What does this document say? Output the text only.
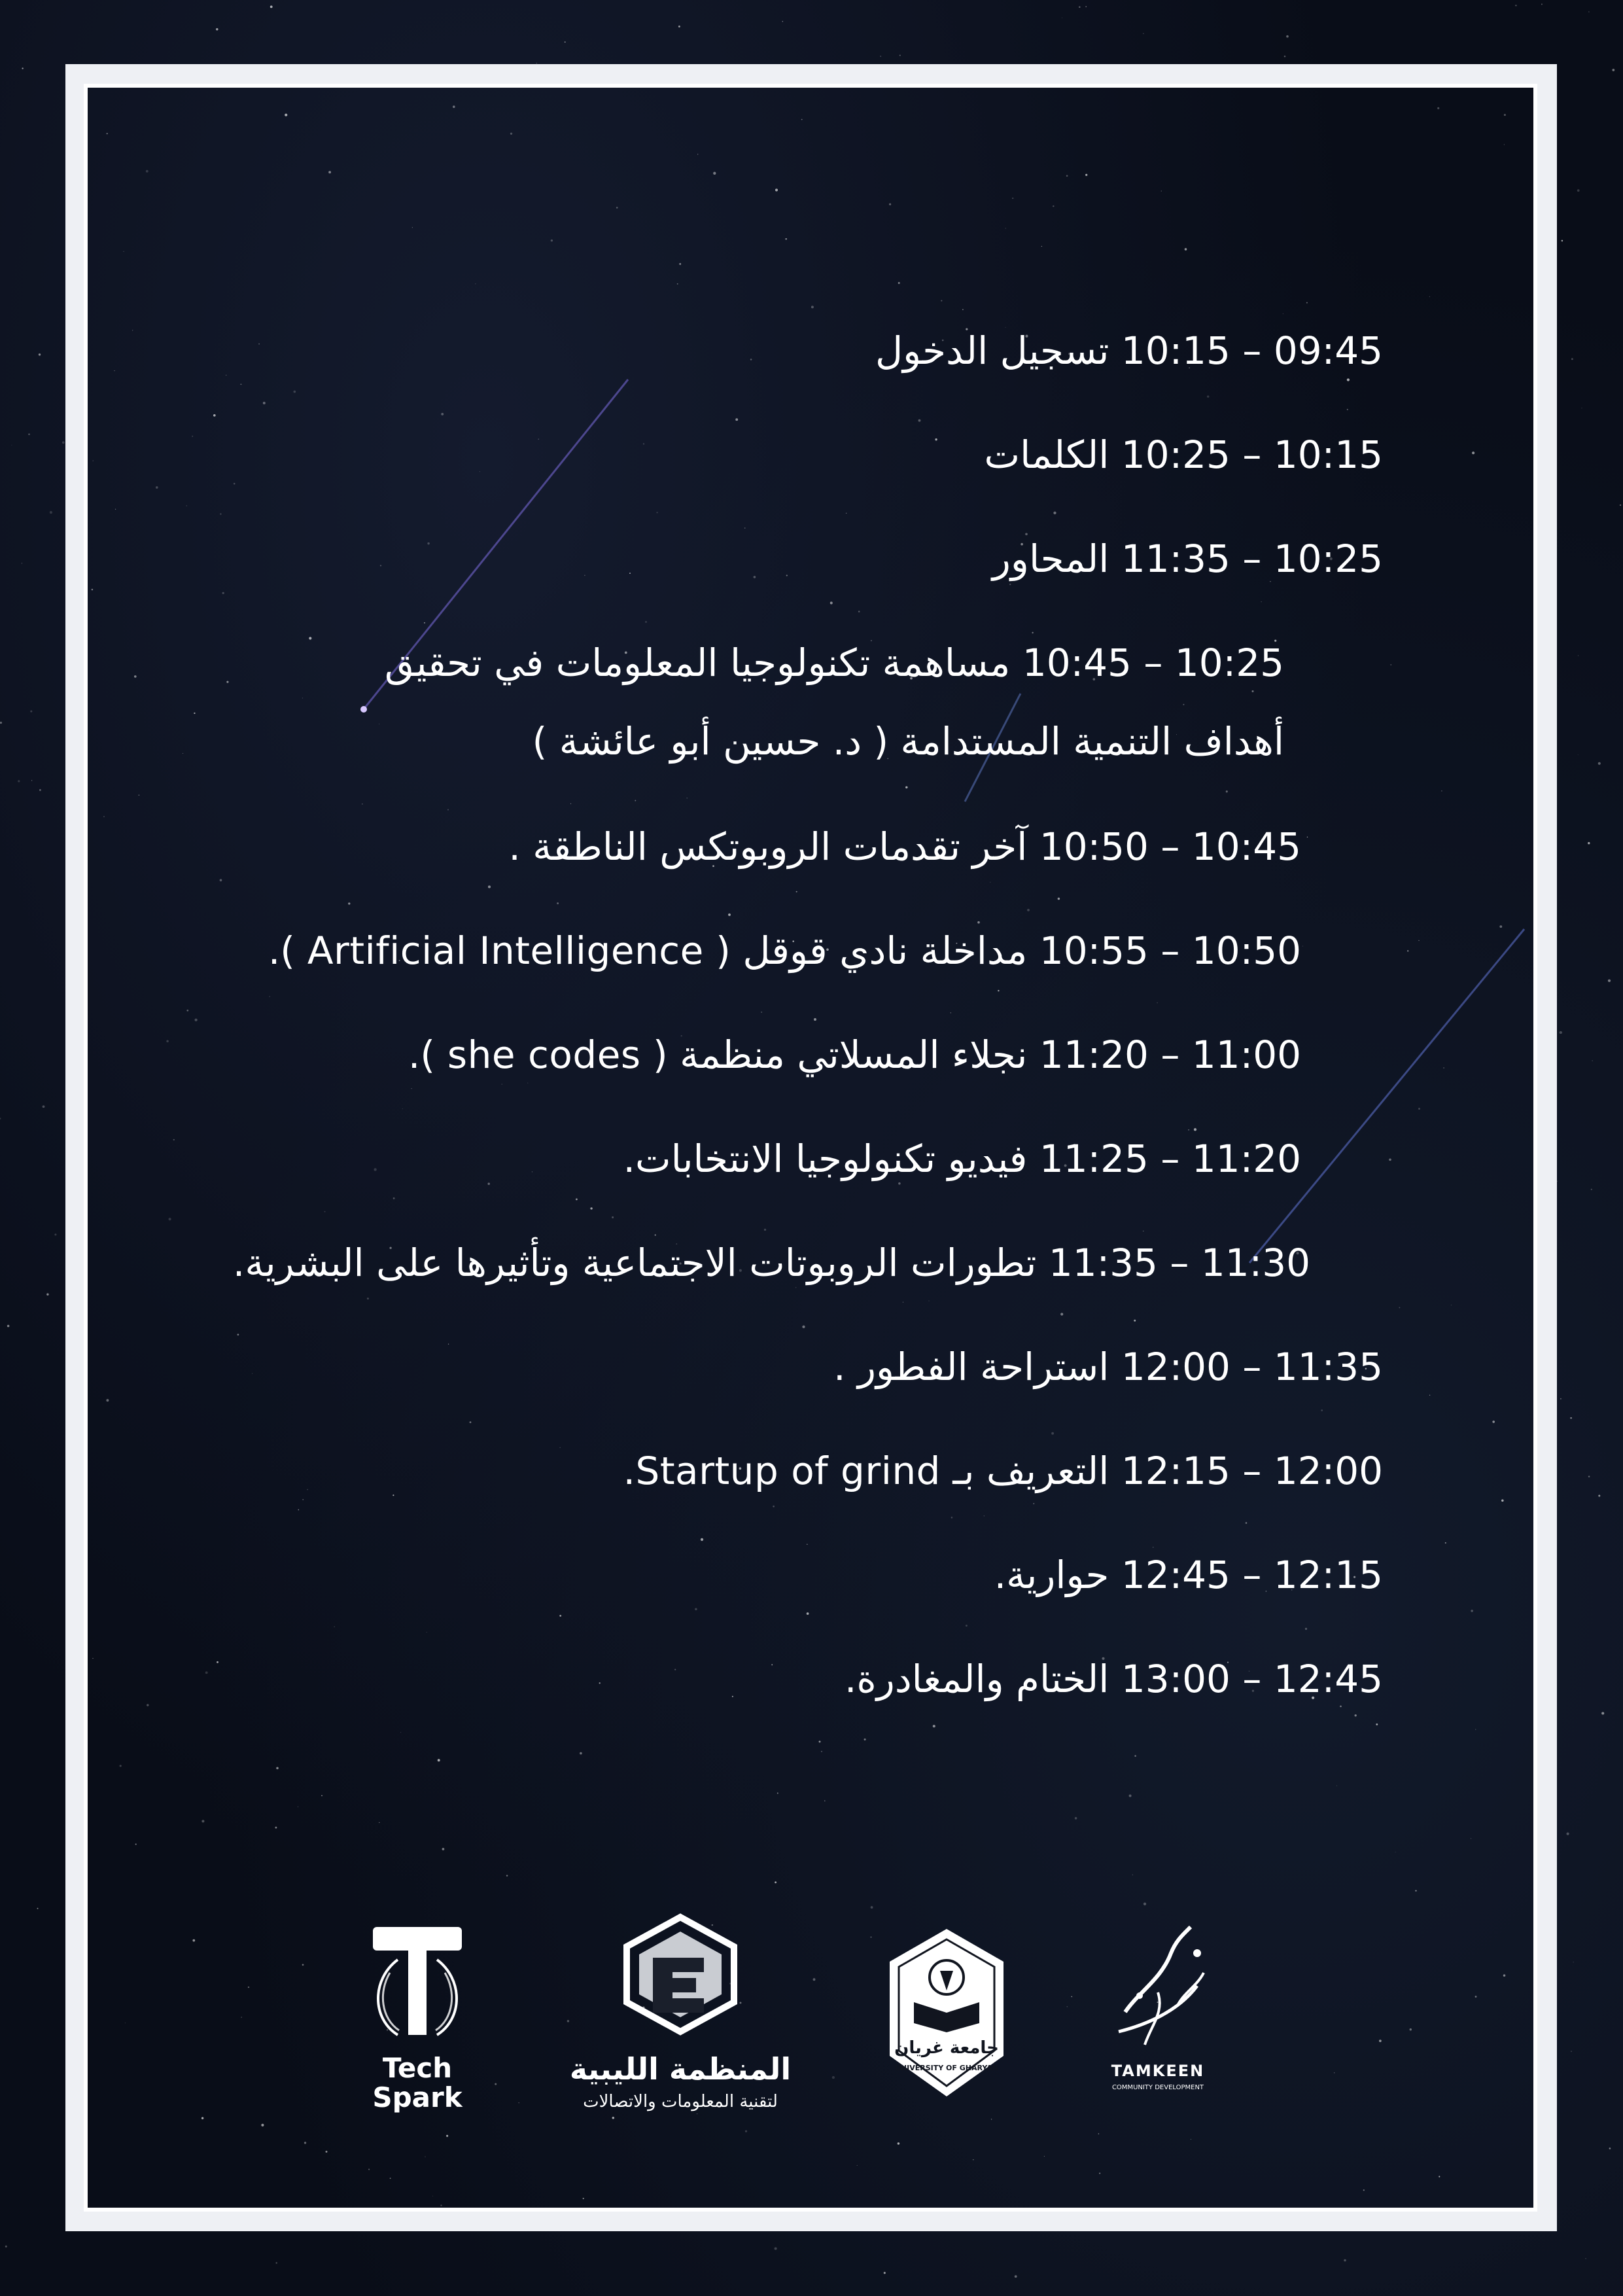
09:45 – 10:15 تسجيل الدخول
10:15 – 10:25 الكلمات
10:25 – 11:35 المحاور
10:25 – 10:45 مساهمة تكنولوجيا المعلومات في تحقيق
أهداف التنمية المستدامة ( د. حسين أبو عائشة )
10:45 – 10:50 آخر تقدمات الروبوتكس الناطقة .
10:50 – 10:55 مداخلة نادي قوقل ( Artificial Intelligence ).
11:00 – 11:20 نجلاء المسلاتي منظمة ( she codes ).
11:20 – 11:25 فيديو تكنولوجيا الانتخابات.
11:30 – 11:35 تطورات الروبوتات الاجتماعية وتأثيرها على البشرية.
11:35 – 12:00 استراحة الفطور .
12:00 – 12:15 التعريف بـ Startup of grind.
12:15 – 12:45 حوارية.
12:45 – 13:00 الختام والمغادرة.
Tech
Spark
المنظمة الليبية
لتقنية المعلومات والاتصالات
جامعة غريان
UNIVERSITY OF GHARYAN	TAMKEEN
COMMUNITY DEVELOPMENT
